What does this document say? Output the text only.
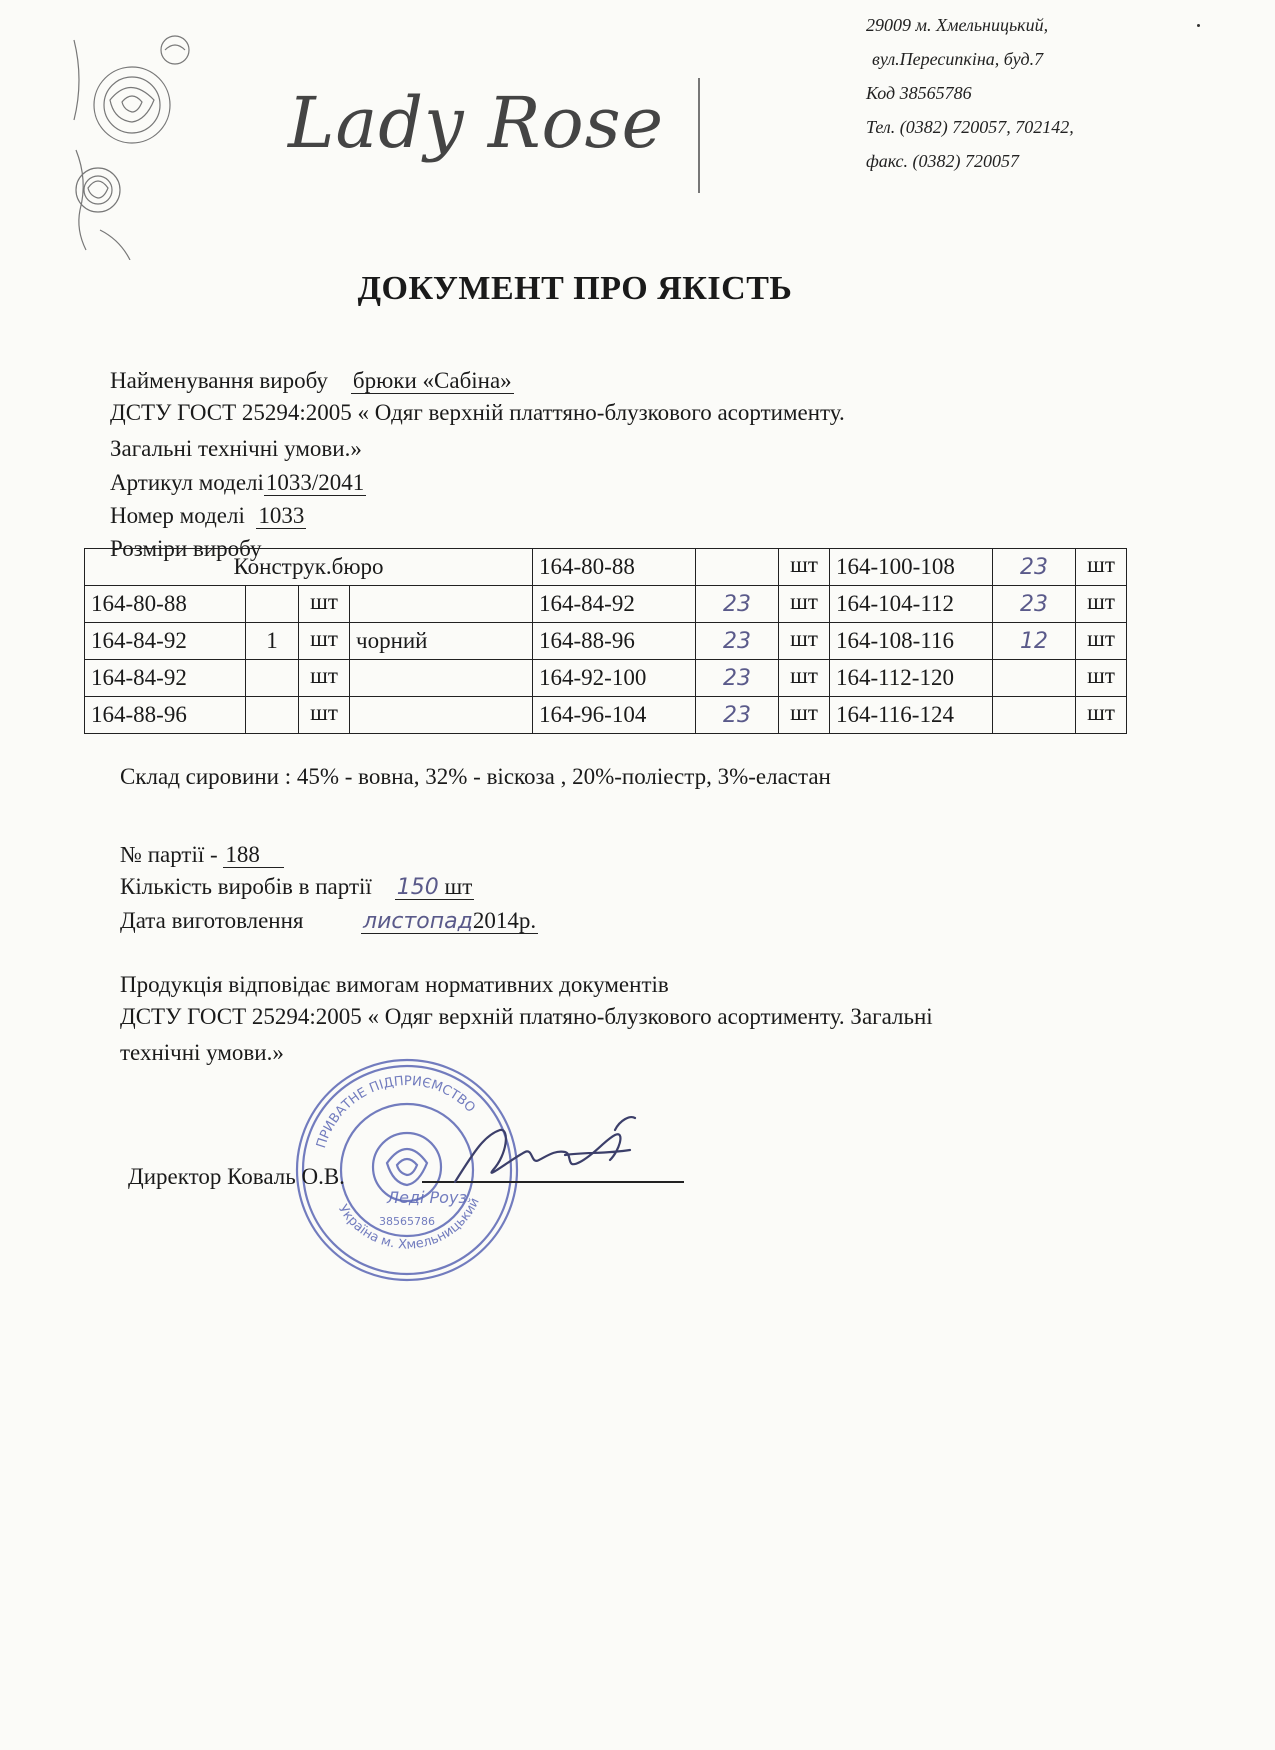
Lady Rose
29009 м. Хмельницький,
вул.Пересипкіна, буд.7
Код 38565786
Тел. (0382) 720057, 702142,
факс. (0382) 720057
ДОКУМЕНТ ПРО ЯКІСТЬ
Найменування виробу брюки «Сабіна»
ДСТУ ГОСТ 25294:2005 « Одяг верхній платтяно-блузкового асортименту.
Загальні технічні умови.»
Артикул моделі1033/2041
Номер моделі 1033
Розміри виробу
Конструк.бюро				164-80-88		шт	164-100-108	23	шт
164-80-88		шт		164-84-92	23	шт	164-104-112	23	шт
164-84-92	1	шт	чорний	164-88-96	23	шт	164-108-116	12	шт
164-84-92		шт		164-92-100	23	шт	164-112-120		шт
164-88-96		шт		164-96-104	23	шт	164-116-124		шт
Склад сировини : 45% - вовна, 32% - віскоза , 20%-поліестр, 3%-еластан
№ партії - 188
Кількість виробів в партії 150 шт
Дата виготовлення	листопад2014р.
Продукція відповідає вимогам нормативних документів
ДСТУ ГОСТ 25294:2005 « Одяг верхній платяно-блузкового асортименту. Загальні
технічні умови.»
ПРИВАТНЕ ПІДПРИЄМСТВО
Україна м. Хмельницький
38565786
Леді Роуз
Директор Коваль О.В.
